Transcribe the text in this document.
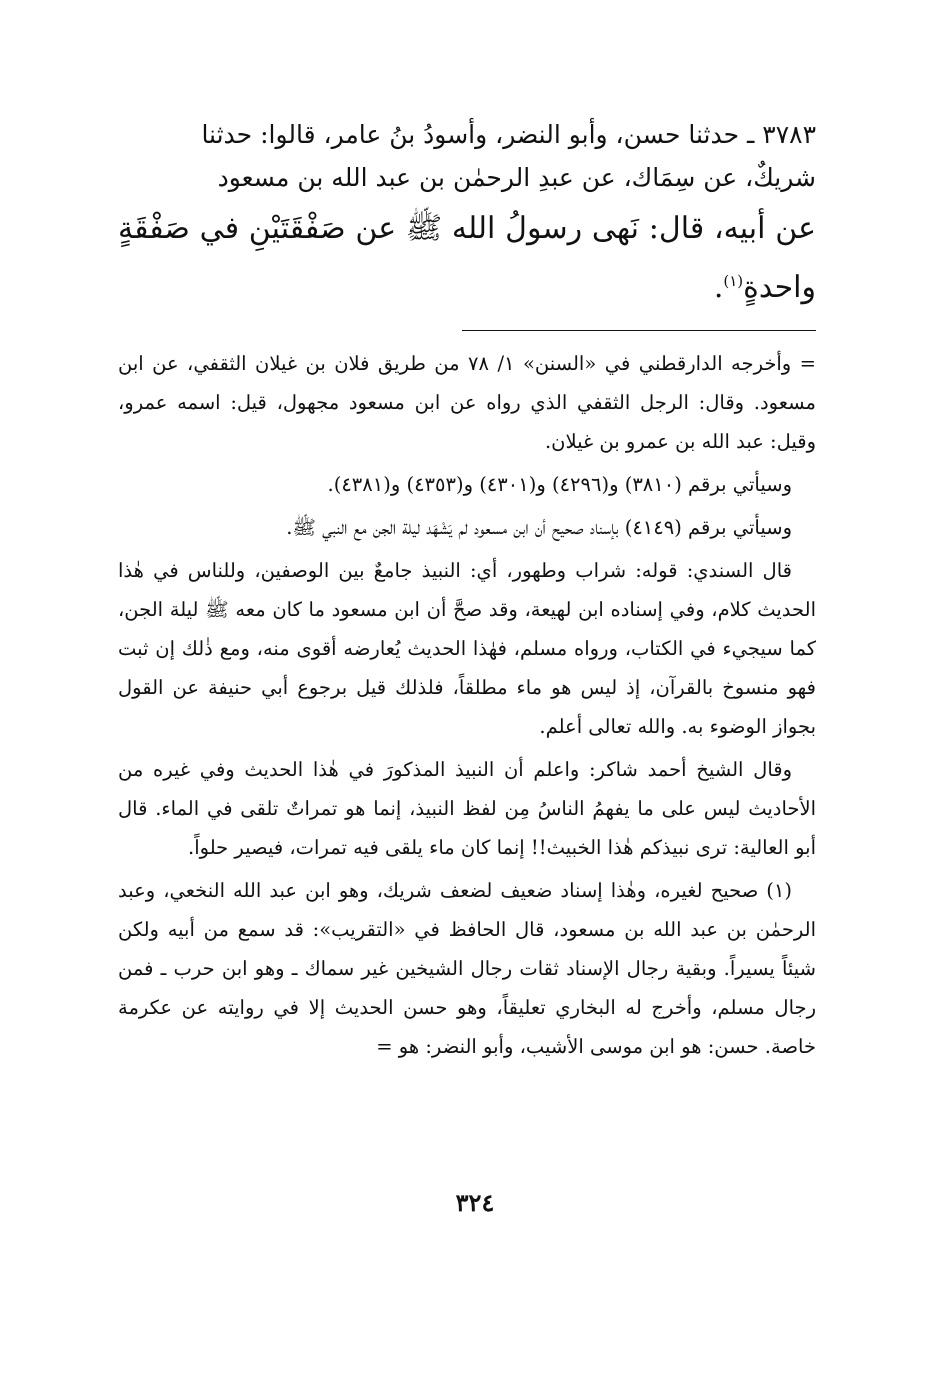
٣٧٨٣ ـ حدثنا حسن، وأبو النضر، وأسودُ بنُ عامر، قالوا: حدثنا

شريكٌ، عن سِمَاك، عن عبدِ الرحمٰن بن عبد الله بن مسعود

عن أبيه، قال: نَهى رسولُ الله ﷺ عن صَفْقَتَيْنِ في صَفْقَةٍ واحدةٍ$^{(١)}$.

= وأخرجه الدارقطني في «السنن» ١/ ٧٨ من طريق فلان بن غيلان الثقفي، عن ابن مسعود. وقال: الرجل الثقفي الذي رواه عن ابن مسعود مجهول، قيل: اسمه عمرو، وقيل: عبد الله بن عمرو بن غيلان.

وسيأتي برقم (٣٨١٠) و(٤٢٩٦) و(٤٣٠١) و(٤٣٥٣) و(٤٣٨١).

وسيأتي برقم (٤١٤٩) بإسناد صحيح أن ابن مسعود لم يَشْهَد ليلة الجن مع النبي ﷺ.

قال السندي: قوله: شراب وطهور، أي: النبيذ جامعٌ بين الوصفين، وللناس في هٰذا الحديث كلام، وفي إسناده ابن لهيعة، وقد صحَّ أن ابن مسعود ما كان معه ﷺ ليلة الجن، كما سيجيء في الكتاب، ورواه مسلم، فهٰذا الحديث يُعارضه أقوى منه، ومع ذٰلك إن ثبت فهو منسوخ بالقرآن، إذ ليس هو ماء مطلقاً، فلذلك قيل برجوع أبي حنيفة عن القول بجواز الوضوء به. والله تعالى أعلم.

وقال الشيخ أحمد شاكر: واعلم أن النبيذ المذكورَ في هٰذا الحديث وفي غيره من الأحاديث ليس على ما يفهمُ الناسُ مِن لفظ النبيذ، إنما هو تمراتٌ تلقى في الماء. قال أبو العالية: ترى نبيذكم هٰذا الخبيث!! إنما كان ماء يلقى فيه تمرات، فيصير حلواً.

(١) صحيح لغيره، وهٰذا إسناد ضعيف لضعف شريك، وهو ابن عبد الله النخعي، وعبد الرحمٰن بن عبد الله بن مسعود، قال الحافظ في «التقريب»: قد سمع من أبيه ولكن شيئاً يسيراً. وبقية رجال الإسناد ثقات رجال الشيخين غير سماك ـ وهو ابن حرب ـ فمن رجال مسلم، وأخرج له البخاري تعليقاً، وهو حسن الحديث إلا في روايته عن عكرمة خاصة. حسن: هو ابن موسى الأشيب، وأبو النضر: هو =

٣٢٤
